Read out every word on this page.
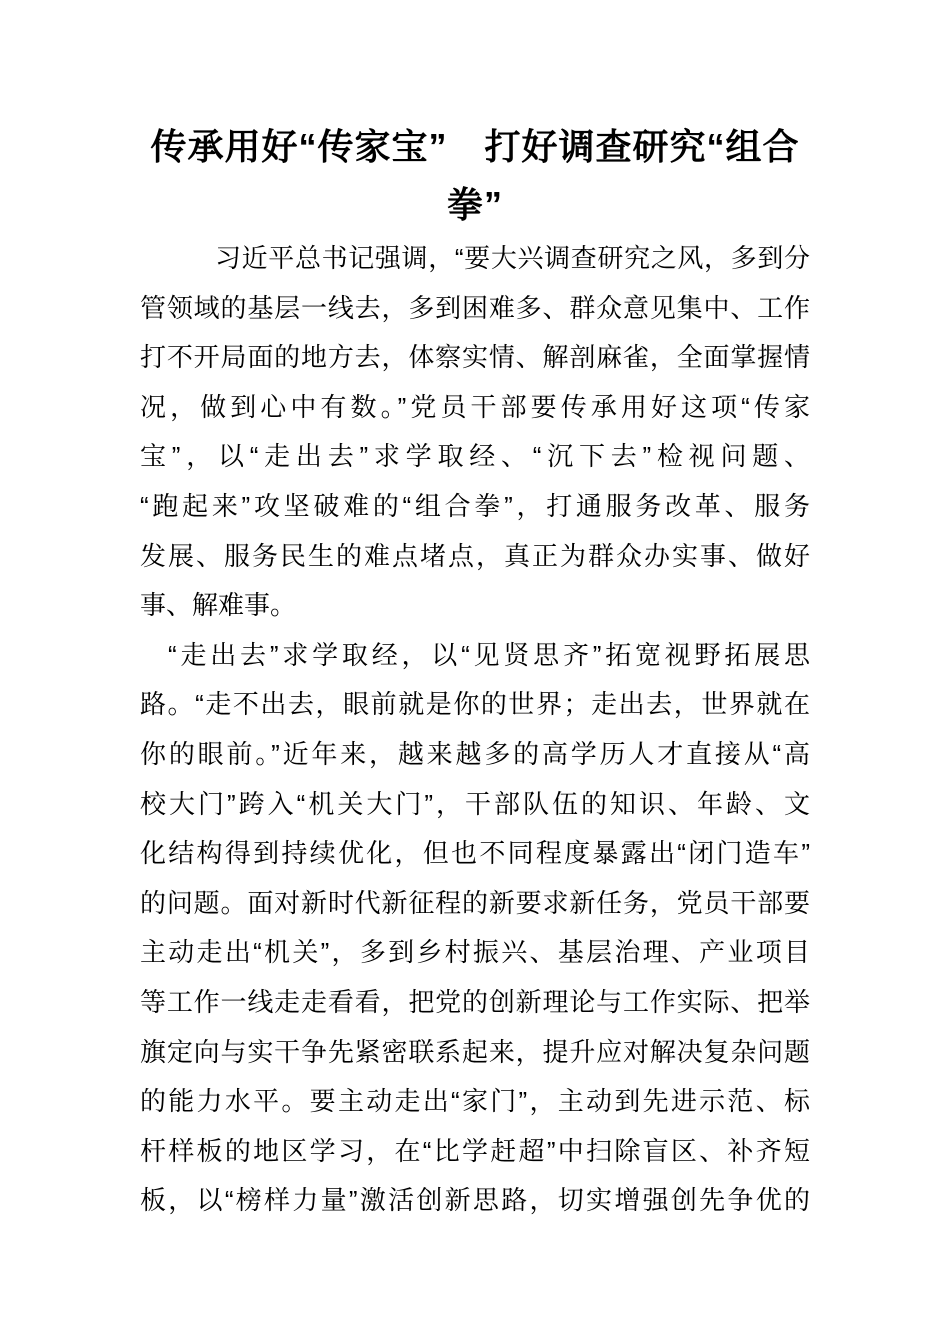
传承用好“传家宝”　打好调查研究“组合
拳”

习近平总书记强调，“要大兴调查研究之风，多到分
管领域的基层一线去，多到困难多、群众意见集中、工作
打不开局面的地方去，体察实情、解剖麻雀，全面掌握情
况，做到心中有数。”党员干部要传承用好这项“传家
宝”，以“走出去”求学取经、“沉下去”检视问题、
“跑起来”攻坚破难的“组合拳”，打通服务改革、服务
发展、服务民生的难点堵点，真正为群众办实事、做好
事、解难事。

“走出去”求学取经，以“见贤思齐”拓宽视野拓展思
路。“走不出去，眼前就是你的世界；走出去，世界就在
你的眼前。”近年来，越来越多的高学历人才直接从“高
校大门”跨入“机关大门”，干部队伍的知识、年龄、文
化结构得到持续优化，但也不同程度暴露出“闭门造车”
的问题。面对新时代新征程的新要求新任务，党员干部要
主动走出“机关”，多到乡村振兴、基层治理、产业项目
等工作一线走走看看，把党的创新理论与工作实际、把举
旗定向与实干争先紧密联系起来，提升应对解决复杂问题
的能力水平。要主动走出“家门”，主动到先进示范、标
杆样板的地区学习，在“比学赶超”中扫除盲区、补齐短
板，以“榜样力量”激活创新思路，切实增强创先争优的
